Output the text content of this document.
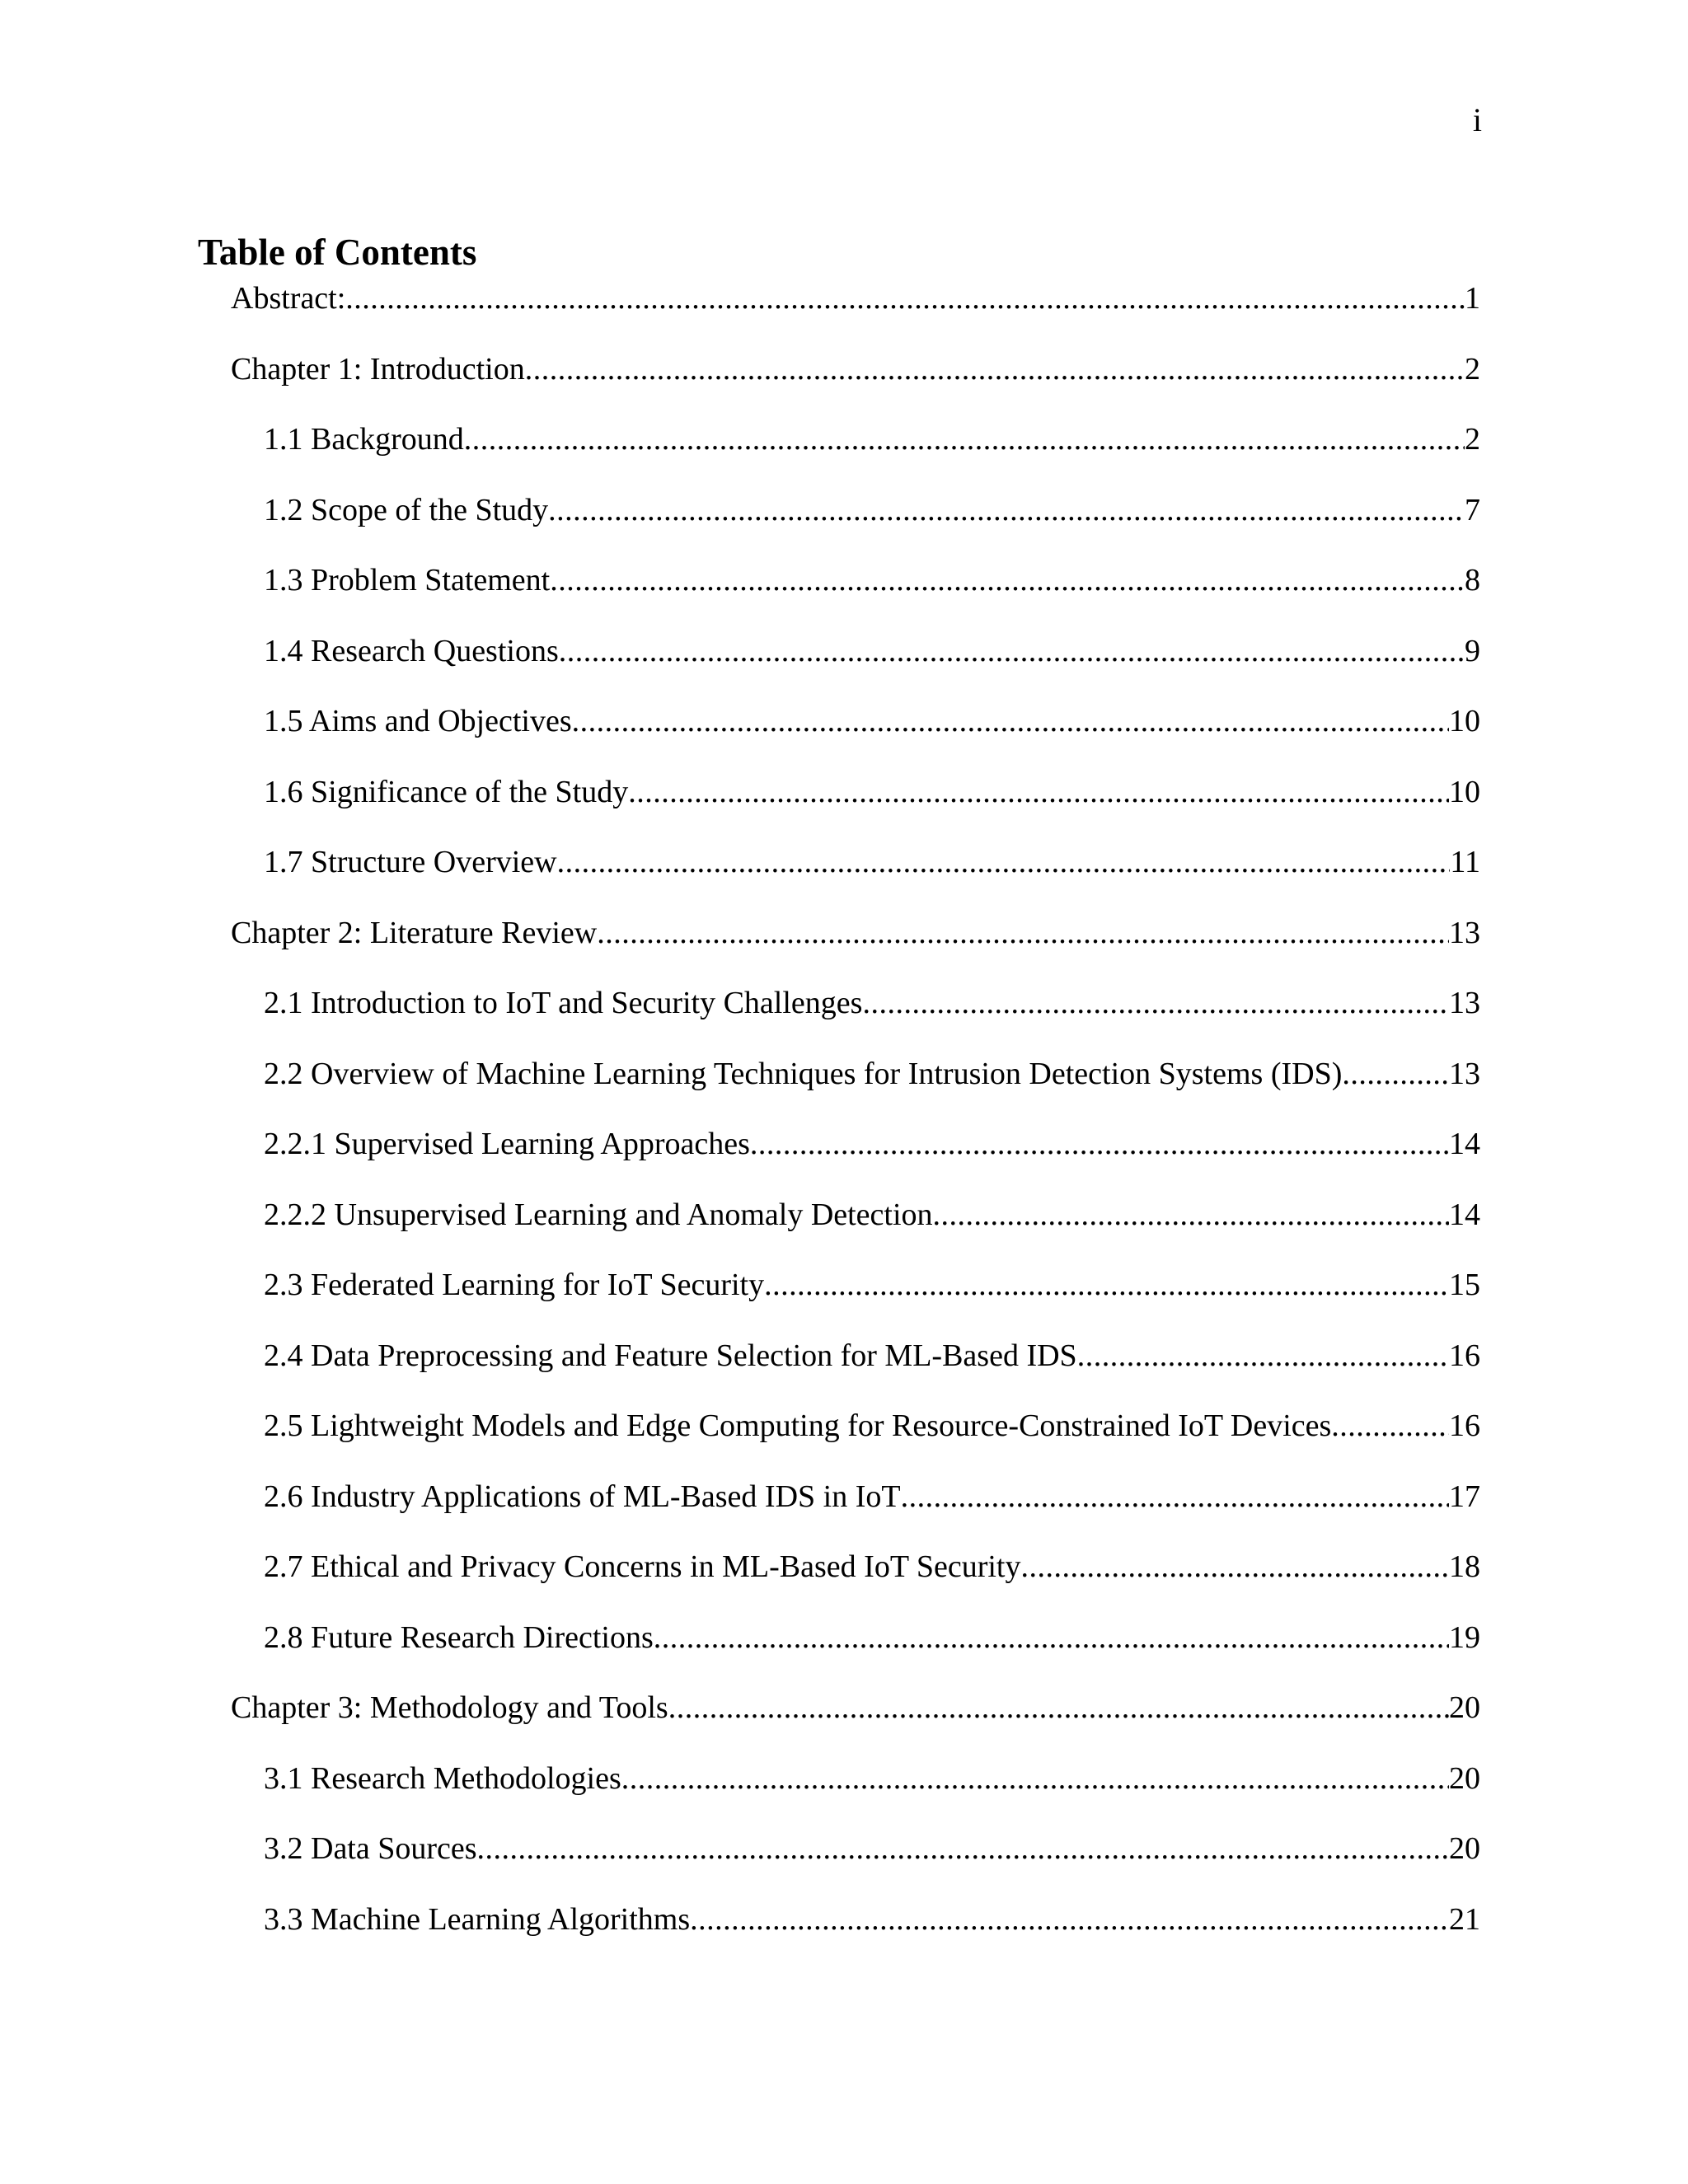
i
Table of Contents
Abstract: .....	1
Chapter 1: Introduction .....	2
1.1 Background .....	2
1.2 Scope of the Study .....	7
1.3 Problem Statement .....	8
1.4 Research Questions .....	9
1.5 Aims and Objectives .....	10
1.6 Significance of the Study .....	10
1.7 Structure Overview .....	11
Chapter 2: Literature Review .....	13
2.1 Introduction to IoT and Security Challenges .....	13
2.2 Overview of Machine Learning Techniques for Intrusion Detection Systems (IDS) .....	13
2.2.1 Supervised Learning Approaches .....	14
2.2.2 Unsupervised Learning and Anomaly Detection .....	14
2.3 Federated Learning for IoT Security .....	15
2.4 Data Preprocessing and Feature Selection for ML-Based IDS .....	16
2.5 Lightweight Models and Edge Computing for Resource-Constrained IoT Devices .....	16
2.6 Industry Applications of ML-Based IDS in IoT .....	17
2.7 Ethical and Privacy Concerns in ML-Based IoT Security .....	18
2.8 Future Research Directions .....	19
Chapter 3: Methodology and Tools .....	20
3.1 Research Methodologies .....	20
3.2 Data Sources .....	20
3.3 Machine Learning Algorithms .....	21
